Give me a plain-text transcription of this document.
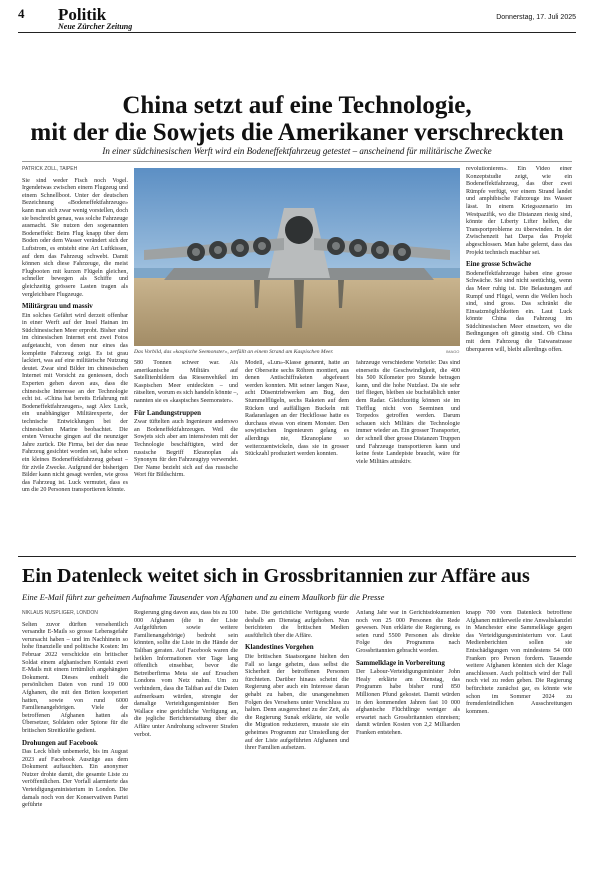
4 Politik
Neue Zürcher Zeitung
Donnerstag, 17. Juli 2025
China setzt auf eine Technologie,
mit der die Sowjets die Amerikaner verschreckten
In einer südchinesischen Werft wird ein Bodeneffektfahrzeug getestet – anscheinend für militärische Zwecke
PATRICK ZOLL, TAIPEH

Sie sind weder Fisch noch Vogel. Irgendetwas zwischen einem Flugzeug und einem Schnellboot. Unter der deutschen Bezeichnung «Bodeneffektfahrzeuge» kann man sich zwar wenig vorstellen, doch sie beschreibt genau, was solche Fahrzeuge ausmacht. Sie nutzen den sogenannten Bodeneffekt: Beim Flug knapp über dem Boden oder dem Wasser verändert sich der Luftstrom, es entsteht eine Art Luftkissen, auf dem das Fahrzeug schwebt. Damit können sich diese Fahrzeuge, die meist Flugbooten mit kurzen Flügeln gleichen, schneller bewegen als Schiffe und gleichzeitig grössere Lasten tragen als vergleichbare Flugzeuge.

Militärgrau und massiv

Ein solches Gefährt wird derzeit offenbar in einer Werft auf der Insel Hainan im Südchinesischen Meer erprobt. Bisher sind im chinesischen Internet erst zwei Fotos aufgetaucht, von denen nur eines das komplette Fahrzeug zeigt. Es ist grau lackiert, was auf eine militärische Nutzung deutet. Zwar sind Bilder im chinesischen Internet mit Vorsicht zu geniessen, doch Experten gehen davon aus, dass die chinesische Interesse an der Technologie echt ist. «China hat bereits Erfahrung mit Bodeneffektfahrzeugen», sagt Alex Luck, ein unabhängiger Militärexperte, der technische Entwicklungen bei der chinesischen Marine beobachtet. Die ersten Versuche gingen auf die neunziger Jahre zurück. Die Firma, bei der das neue Fahrzeug gesichtet worden sei, habe schon ein kleines Bodeneffektfahrzeug gebaut – für zivile Zwecke. Aufgrund der bisherigen Bilder kann nicht gesagt werden, wie gross das Fahrzeug ist. Luck vermutet, dass es um die 20 Personen transportieren könnte.

Das Vorbild, das «kaspische Seemonster», zerfällt an einem Strand am Kaspischen Meer.	IMAGO

580 Tonnen schwer war. Als amerikanische Militärs auf Satellitenbildern das Riesenvehikel im Kaspischen Meer entdeckten – und rätselten, worum es sich handeln könnte –, nannten sie es «kaspisches Seemonster».

Für Landungstruppen

Zwar tüftelten auch Ingenieure anderswo an Bodeneffektfahrzeugen. Weil die Sowjets sich aber am intensivsten mit der Technologie beschäftigten, wird der russische Begriff Ekranoplan als Synonym für den Fahrzeugtyp verwendet. Der Name bezieht sich auf das russische Wort für Bildschirm.

Modell, «Lun»-Klasse genannt, hatte an der Oberseite sechs Röhren montiert, aus denen Antischiffraketen abgefeuert werden konnten. Mit seiner langen Nase, acht Düsentriebwerken am Bug, den Stummelflügeln, sechs Raketen auf dem Rücken und auffälligen Buckeln mit Radaranlagen an der Heckflosse hatte es durchaus etwas von einem Monster. Den sowjetischen Ingenieuren gelang es allerdings nie, Ekranoplane so weiterzuentwickeln, dass sie in grosser Stückzahl produziert werden konnten.

fahrzeuge verschiedene Vorteile: Das sind einerseits die Geschwindigkeit, die 400 bis 500 Kilometer pro Stunde betragen kann, und die hohe Nutzlast. Da sie sehr tief fliegen, bleiben sie buchstäblich unter dem Radar. Gleichzeitig können sie im Tiefflug nicht von Seeminen und Torpedos getroffen werden. Darum schauen sich Militärs die Technologie immer wieder an. Ein grosser Transporter, der schnell über grosse Distanzen Truppen und Fahrzeuge transportieren kann und keine feste Landepiste braucht, wäre für viele Militärs attraktiv.

revolutionieren». Ein Video einer Konzeptstudie zeigt, wie ein Bodeneffektfahrzeug, das über zwei Rümpfe verfügt, vor einem Strand landet und amphibische Fahrzeuge ins Wasser lässt. In einem Kriegsszenario im Westpazifik, wo die Distanzen riesig sind, könnte der Liberty Lifter helfen, die Transportprobleme zu überwinden. In der Zwischenzeit hat Darpa das Projekt abgeschlossen. Man habe gelernt, dass das Projekt technisch machbar sei.

Eine grosse Schwäche

Bodeneffektfahrzeuge haben eine grosse Schwäche. Sie sind nicht seetüchtig, wenn das Meer ruhig ist. Die Belastungen auf Rumpf und Flügel, wenn die Wellen hoch sind, sind gross. Das schränkt die Einsatzmöglichkeiten ein. Laut Luck könnte China das Fahrzeug im Südchinesischen Meer einsetzen, wo die Bedingungen oft günstig sind. Ob China mit dem Fahrzeug die Taiwanstrasse überqueren will, bleibt allerdings offen.

Ein Datenleck weitet sich in Grossbritannien zur Affäre aus
Eine E-Mail führt zur geheimen Aufnahme Tausender von Afghanen und zu einem Maulkorb für die Presse
NIKLAUS NUSPLIGER, LONDON

Selten zuvor dürften versehentlich versandte E-Mails so grosse Lebensgefahr verursacht haben – und im Nachhinein so hohe finanzielle und politische Kosten: Im Februar 2022 verschickte ein britischer Soldat einem afghanischen Kontakt zwei E-Mails mit einem irrtümlich angehängten Dokument. Dieses enthielt die persönlichen Daten von rund 19 000 Afghanen, die mit den Briten kooperiert hatten, sowie von rund 6000 Familienangehörigen. Viele der betroffenen Afghanen hatten als Übersetzer, Soldaten oder Spione für die britischen Streitkräfte gedient.

Drohungen auf Facebook

Das Leck blieb unbemerkt, bis im August 2023 auf Facebook Auszüge aus dem Dokument auftauchten. Ein anonymer Nutzer drohte damit, die gesamte Liste zu veröffentlichen. Der Vorfall alarmierte das Verteidigungsministerium in London. Die damals noch von der Konservativen Partei geführte

Regierung ging davon aus, dass bis zu 100 000 Afghanen (die in der Liste Aufgeführten sowie weitere Familienangehörige) bedroht sein könnten, sollte die Liste in die Hände der Taliban geraten. Auf Facebook waren die heiklen Informationen vier Tage lang öffentlich einsehbar, bevor die Betreiberfirma Meta sie auf Ersuchen Londons vom Netz nahm. Um zu verhindern, dass die Taliban auf die Daten aufmerksam würden, strengte der damalige Verteidigungsminister Ben Wallace eine gerichtliche Verfügung an, die jegliche Berichterstattung über die Affäre unter Androhung schwerer Strafen verbot.

habe. Die gerichtliche Verfügung wurde deshalb am Dienstag aufgehoben. Nun berichteten die britischen Medien ausführlich über die Affäre.

Klandestines Vorgehen

Die britischen Staatsorgane hielten den Fall so lange geheim, dass selbst die Sicherheit der betroffenen Personen fürchteten. Darüber hinaus scheint die Regierung aber auch ein Interesse daran gehabt zu haben, die unangenehmen Folgen des Versehens unter Verschluss zu halten. Denn ausgerechnet zu der Zeit, als die Regierung Sunak erklärte, sie wolle die Migration reduzieren, musste sie ein geheimes Programm zur Umsiedlung der auf der Liste aufgeführten Afghanen und ihrer Familien aufsetzen.

Anfang Jahr war in Gerichtsdokumenten noch von 25 000 Personen die Rede gewesen. Nun erklärte die Regierung, es seien rund 5500 Personen als direkte Folge des Programms nach Grossbritannien gebracht worden.

Sammelklage in Vorbereitung

Der Labour-Verteidigungsminister John Healy erklärte am Dienstag, das Programm habe bisher rund 850 Millionen Pfund gekostet. Damit würden in den kommenden Jahren fast 10 000 afghanische Flüchtlinge weniger als erwartet nach Grossbritannien einreisen; damit würden Kosten von 2,2 Milliarden Franken entstehen.

knapp 700 vom Datenleck betroffene Afghanen mittlerweile eine Anwaltskanzlei in Manchester eine Sammelklage gegen das Verteidigungsministerium vor. Laut Medienberichten sollen sie Entschädigungen von mindestens 54 000 Franken pro Person fordern. Tausende weitere Afghanen könnten sich der Klage anschliessen. Auch politisch wird der Fall noch viel zu reden geben. Die Regierung befürchtete zunächst gar, es könnte wie schon im Sommer 2024 zu fremdenfeindlichen Ausschreitungen kommen.
